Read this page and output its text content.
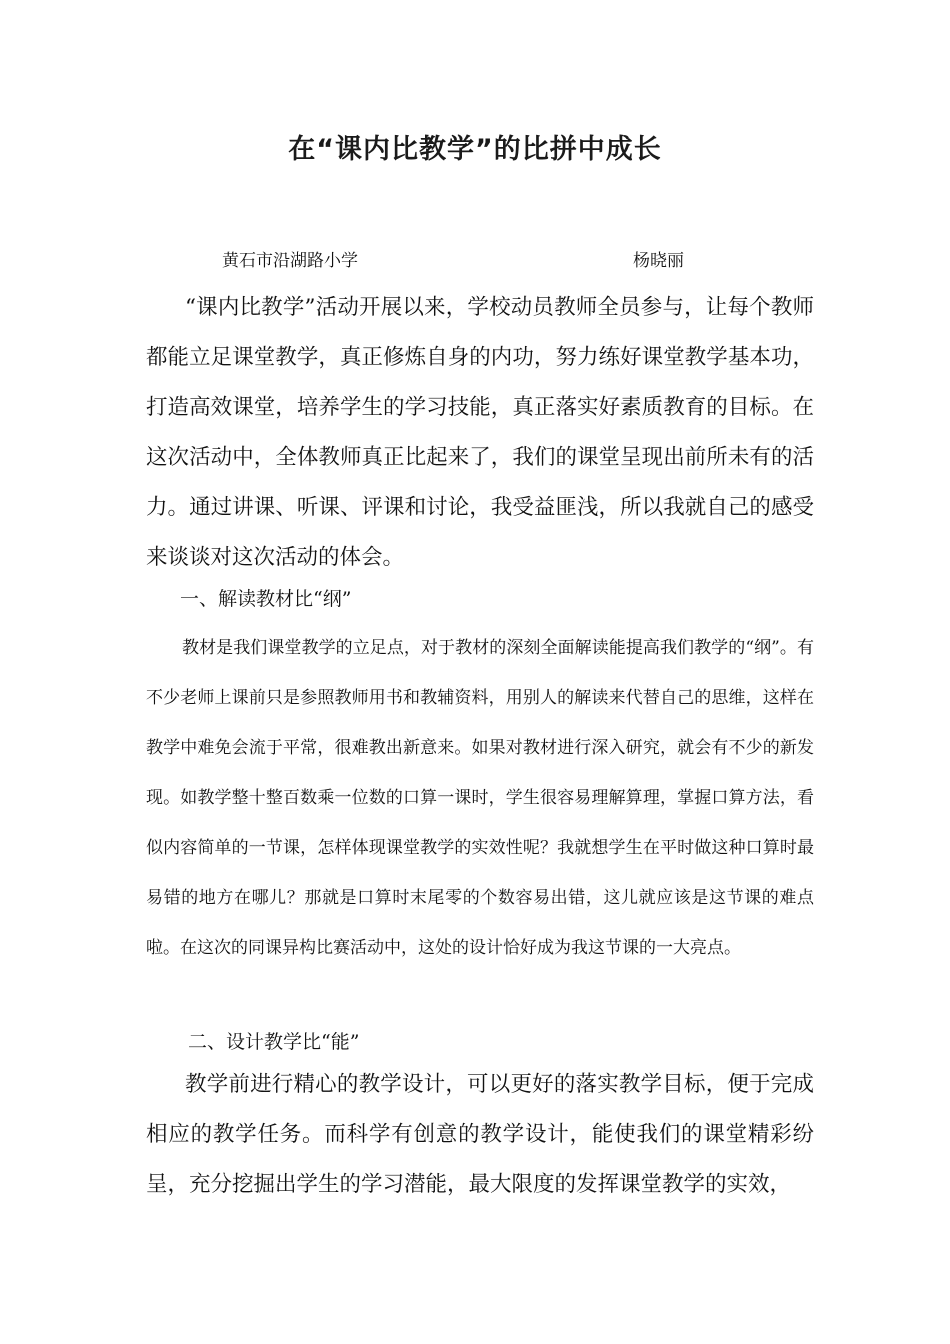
在“课内比教学”的比拼中成长
黄石市沿湖路小学	杨晓丽

“课内比教学”活动开展以来，学校动员教师全员参与，让每个教师都能立足课堂教学，真正修炼自身的内功，努力练好课堂教学基本功，打造高效课堂，培养学生的学习技能，真正落实好素质教育的目标。在这次活动中，全体教师真正比起来了，我们的课堂呈现出前所未有的活力。通过讲课、听课、评课和讨论，我受益匪浅，所以我就自己的感受来谈谈对这次活动的体会。

一、解读教材比“纲”

教材是我们课堂教学的立足点，对于教材的深刻全面解读能提高我们教学的“纲”。有不少老师上课前只是参照教师用书和教辅资料，用别人的解读来代替自己的思维，这样在教学中难免会流于平常，很难教出新意来。如果对教材进行深入研究，就会有不少的新发现。如教学整十整百数乘一位数的口算一课时，学生很容易理解算理，掌握口算方法，看似内容简单的一节课，怎样体现课堂教学的实效性呢？我就想学生在平时做这种口算时最易错的地方在哪儿？那就是口算时末尾零的个数容易出错，这儿就应该是这节课的难点啦。在这次的同课异构比赛活动中，这处的设计恰好成为我这节课的一大亮点。

二、设计教学比“能”

教学前进行精心的教学设计，可以更好的落实教学目标，便于完成相应的教学任务。而科学有创意的教学设计，能使我们的课堂精彩纷呈，充分挖掘出学生的学习潜能，最大限度的发挥课堂教学的实效，
